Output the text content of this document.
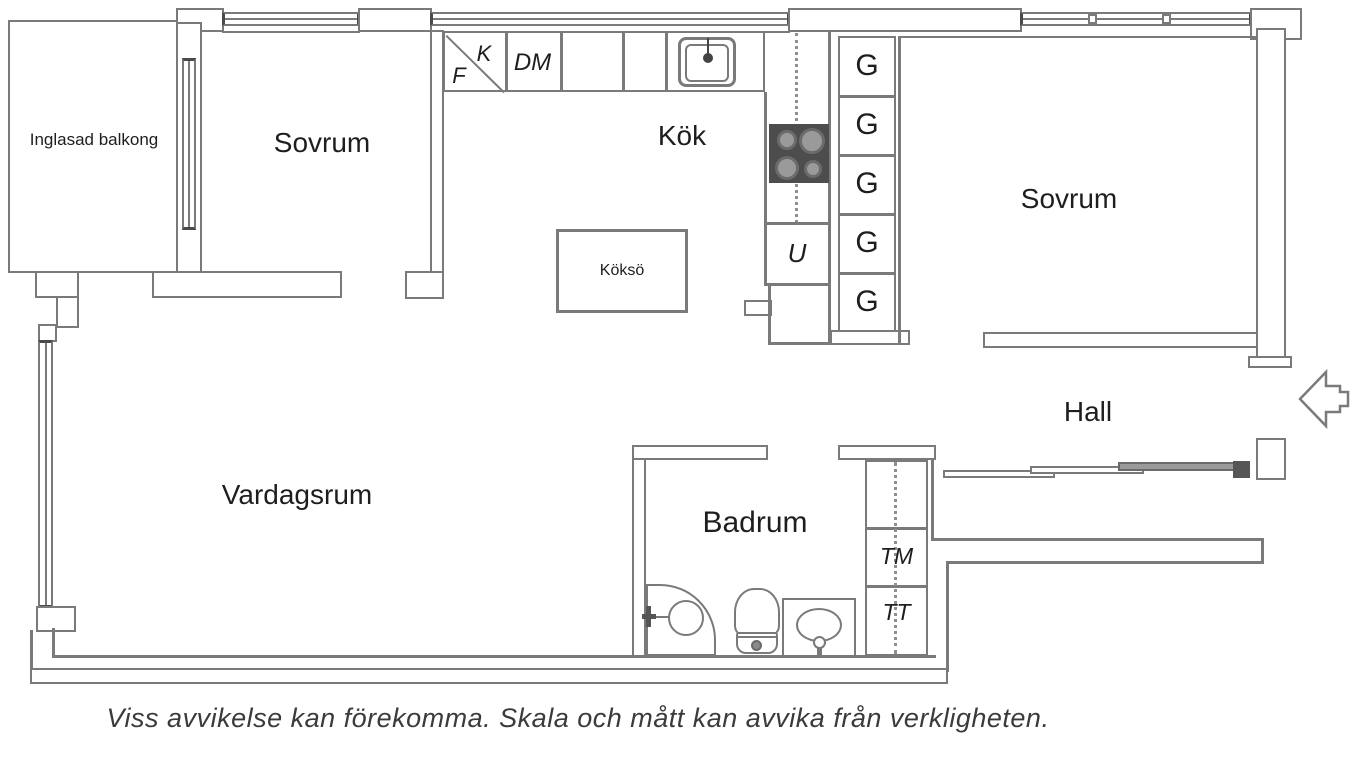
Inglasad balkong
Vardagsrum
Sovrum
K
F	DM
U
Kök
Köksö
G
G
G
G
G
Sovrum
Hall
Badrum
TM
TT
Viss avvikelse kan förekomma. Skala och mått kan avvika från verkligheten.
